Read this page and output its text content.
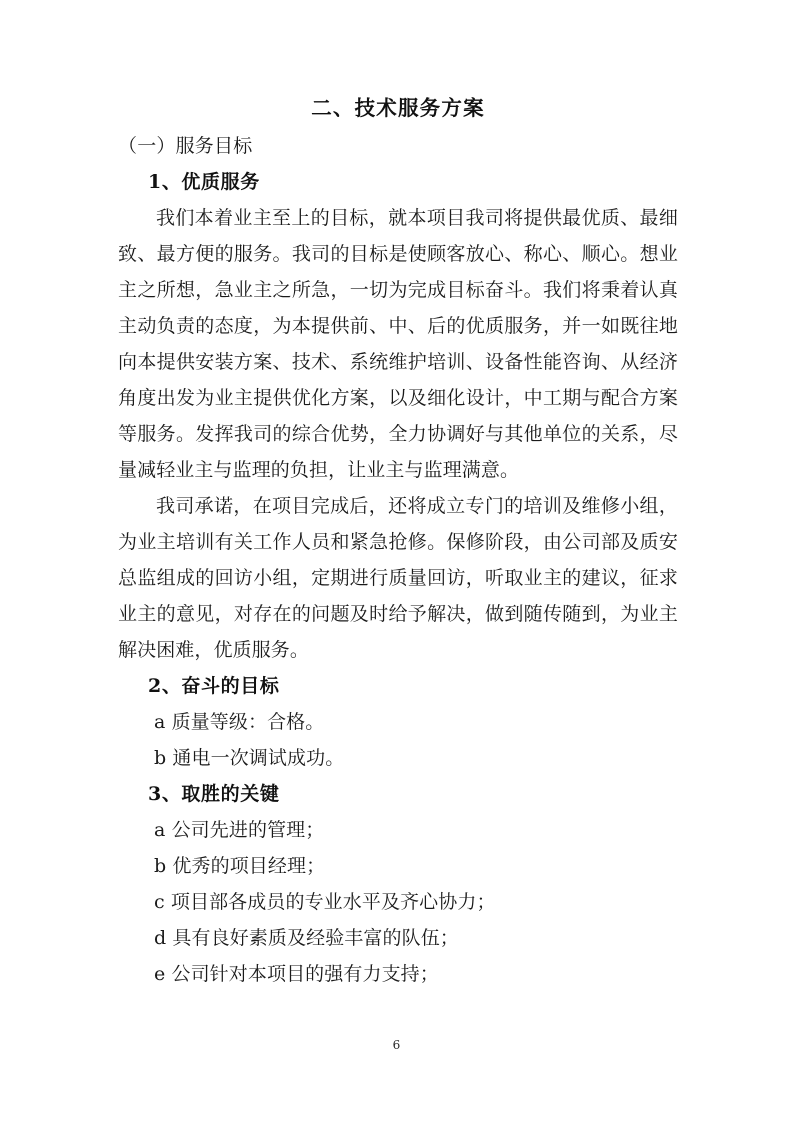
二、技术服务方案

（一）服务目标

1、优质服务

我们本着业主至上的目标，就本项目我司将提供最优质、最细致、最方便的服务。我司的目标是使顾客放心、称心、顺心。想业主之所想，急业主之所急，一切为完成目标奋斗。我们将秉着认真主动负责的态度，为本提供前、中、后的优质服务，并一如既往地向本提供安装方案、技术、系统维护培训、设备性能咨询、从经济角度出发为业主提供优化方案，以及细化设计，中工期与配合方案等服务。发挥我司的综合优势，全力协调好与其他单位的关系，尽量减轻业主与监理的负担，让业主与监理满意。

我司承诺，在项目完成后，还将成立专门的培训及维修小组，为业主培训有关工作人员和紧急抢修。保修阶段，由公司部及质安总监组成的回访小组，定期进行质量回访，听取业主的建议，征求业主的意见，对存在的问题及时给予解决，做到随传随到，为业主解决困难，优质服务。

2、奋斗的目标

a 质量等级：合格。

b 通电一次调试成功。

3、取胜的关键

a 公司先进的管理；

b 优秀的项目经理；

c 项目部各成员的专业水平及齐心协力；

d 具有良好素质及经验丰富的队伍；

e 公司针对本项目的强有力支持；

6
